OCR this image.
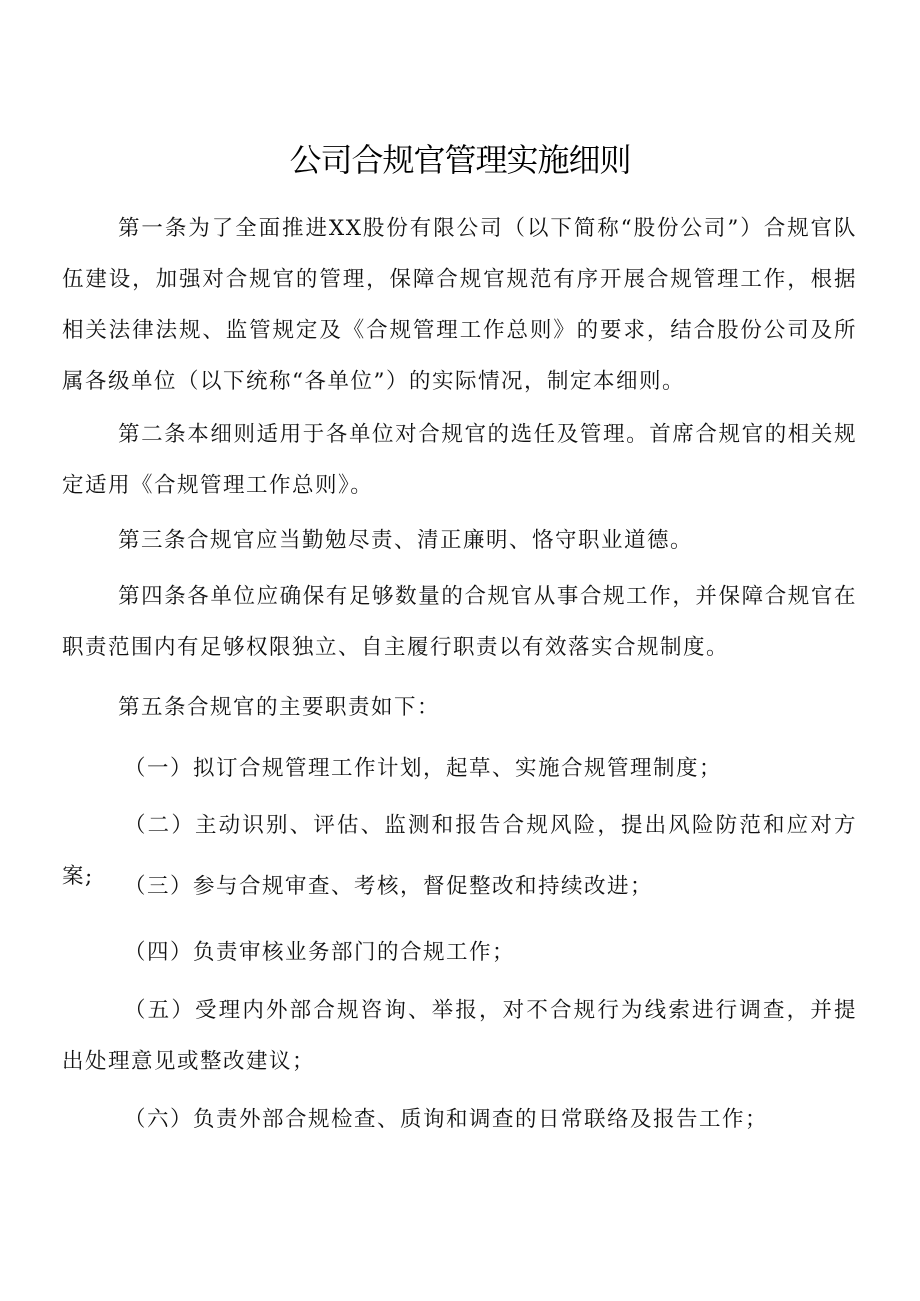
公司合规官管理实施细则
第一条为了全面推进XX股份有限公司（以下简称“股份公司”）合规官队伍建设，加强对合规官的管理，保障合规官规范有序开展合规管理工作，根据相关法律法规、监管规定及《合规管理工作总则》的要求，结合股份公司及所属各级单位（以下统称“各单位”）的实际情况，制定本细则。
第二条本细则适用于各单位对合规官的选任及管理。首席合规官的相关规定适用《合规管理工作总则》。
第三条合规官应当勤勉尽责、清正廉明、恪守职业道德。
第四条各单位应确保有足够数量的合规官从事合规工作，并保障合规官在职责范围内有足够权限独立、自主履行职责以有效落实合规制度。
第五条合规官的主要职责如下：
（一）拟订合规管理工作计划，起草、实施合规管理制度；
（二）主动识别、评估、监测和报告合规风险，提出风险防范和应对方案;	（三）参与合规审查、考核，督促整改和持续改进；
（四）负责审核业务部门的合规工作；
（五）受理内外部合规咨询、举报，对不合规行为线索进行调查，并提出处理意见或整改建议；
（六）负责外部合规检查、质询和调查的日常联络及报告工作；
